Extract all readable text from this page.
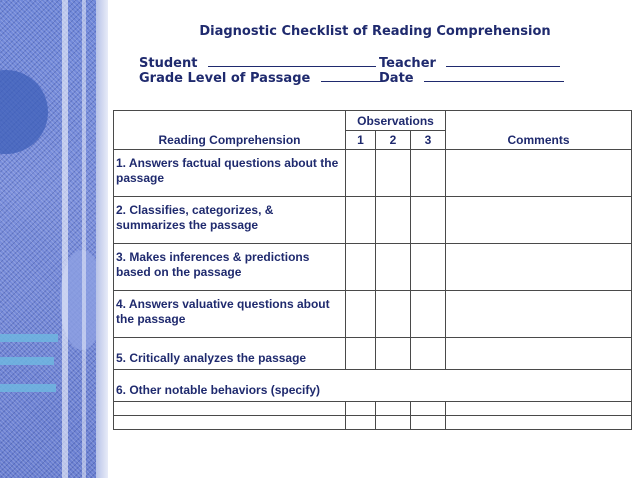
Diagnostic Checklist of Reading Comprehension
Student	Teacher
Grade Level of Passage	Date
	Observations			
Reading Comprehension	1	2	3	Comments
1. Answers factual questions about the passage				
2. Classifies, categorizes, & summarizes the passage				
3. Makes inferences & predictions based on the passage				
4. Answers valuative questions about the passage				
5. Critically analyzes the passage				
6. Other notable behaviors (specify)				
